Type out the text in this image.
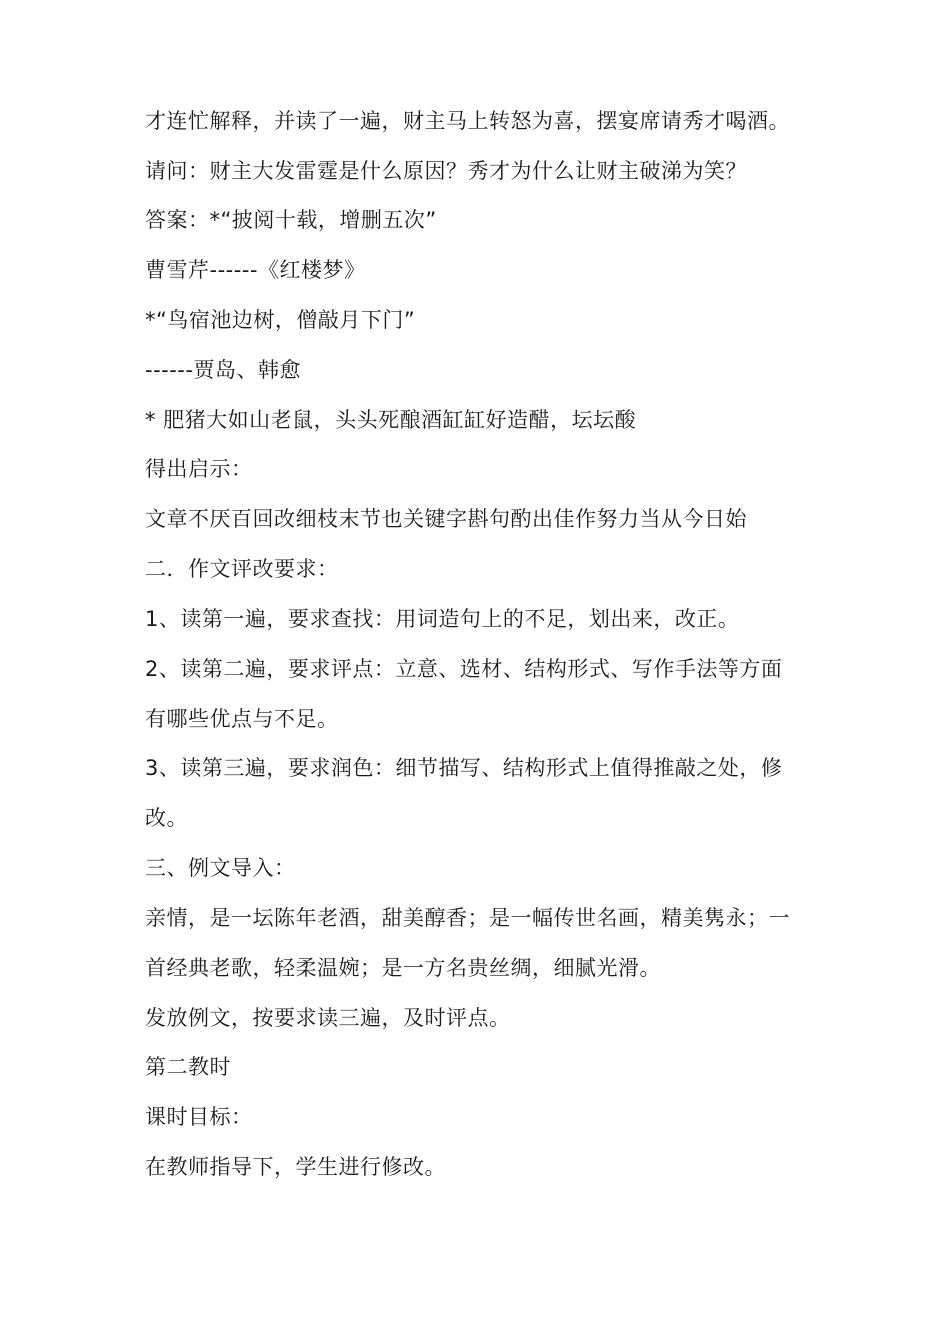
才连忙解释，并读了一遍，财主马上转怒为喜，摆宴席请秀才喝酒。
请问：财主大发雷霆是什么原因？秀才为什么让财主破涕为笑？
答案：*“披阅十载，增删五次”
曹雪芹------《红楼梦》
*“鸟宿池边树，僧敲月下门”
------贾岛、韩愈
* 肥猪大如山老鼠，头头死酿酒缸缸好造醋，坛坛酸
得出启示：
文章不厌百回改细枝末节也关键字斟句酌出佳作努力当从今日始
二．作文评改要求：
1、读第一遍，要求查找：用词造句上的不足，划出来，改正。
2、读第二遍，要求评点：立意、选材、结构形式、写作手法等方面
有哪些优点与不足。
3、读第三遍，要求润色：细节描写、结构形式上值得推敲之处，修
改。
三、例文导入：
亲情，是一坛陈年老酒，甜美醇香；是一幅传世名画，精美隽永；一
首经典老歌，轻柔温婉；是一方名贵丝绸，细腻光滑。
发放例文，按要求读三遍，及时评点。
第二教时
课时目标：
在教师指导下，学生进行修改。
